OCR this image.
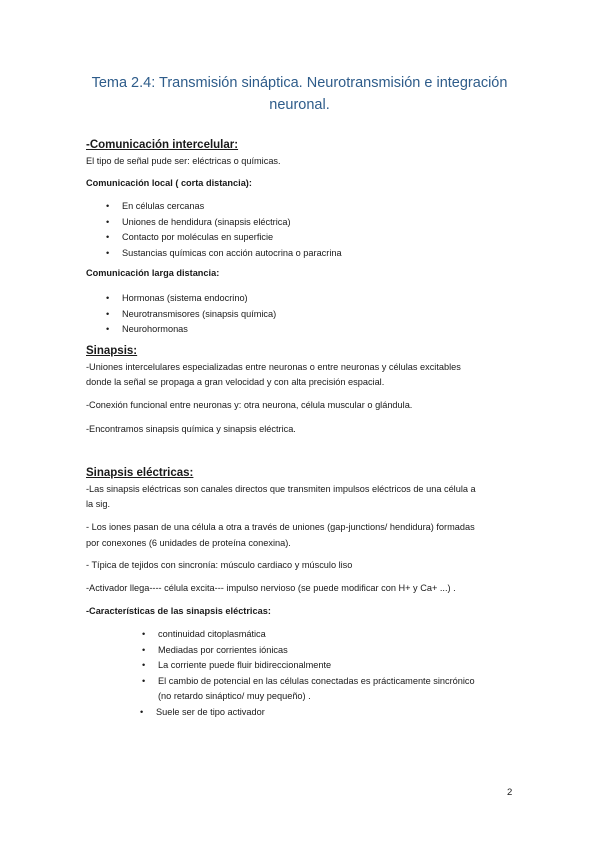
Tema 2.4: Transmisión sináptica. Neurotransmisión e integración
neuronal.
-Comunicación intercelular:
El tipo de señal pude ser: eléctricas o químicas.
Comunicación local ( corta distancia):
• En células cercanas
• Uniones de hendidura (sinapsis eléctrica)
• Contacto por moléculas en superficie
• Sustancias químicas con acción autocrina o paracrina
Comunicación larga distancia:
• Hormonas (sistema endocrino)
• Neurotransmisores (sinapsis química)
• Neurohormonas
Sinapsis:
-Uniones intercelulares especializadas entre neuronas o entre neuronas y células excitables
donde la señal se propaga a gran velocidad y con alta precisión espacial.
-Conexión funcional entre neuronas y: otra neurona, célula muscular o glándula.
-Encontramos sinapsis química y sinapsis eléctrica.
Sinapsis eléctricas:
-Las sinapsis eléctricas son canales directos que transmiten impulsos eléctricos de una célula a
la sig.
- Los iones pasan de una célula a otra a través de uniones (gap-junctions/ hendidura) formadas
por conexones (6 unidades de proteína conexina).
- Típica de tejidos con sincronía: músculo cardiaco y músculo liso
-Activador llega---- célula excita--- impulso nervioso (se puede modificar con H+ y Ca+ ...) .
-Características de las sinapsis eléctricas:
• continuidad citoplasmática
• Mediadas por corrientes iónicas
• La corriente puede fluir bidireccionalmente
• El cambio de potencial en las células conectadas es prácticamente sincrónico
(no retardo sináptico/ muy pequeño) .
• Suele ser de tipo activador
2
